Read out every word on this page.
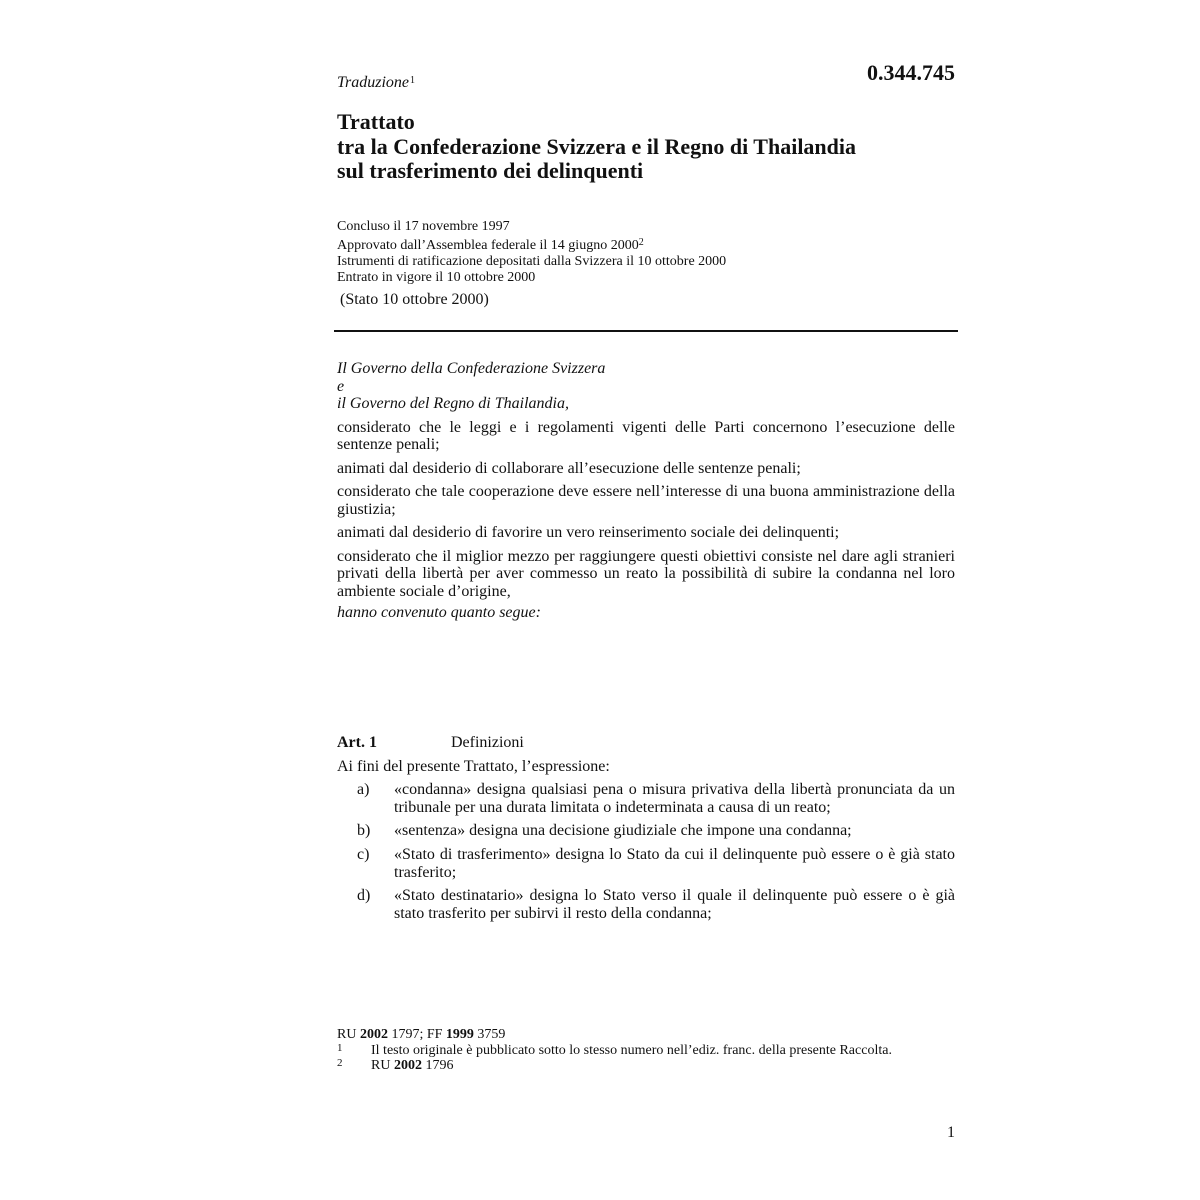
Traduzione$^1$	0.344.745
Trattato
tra la Confederazione Svizzera e il Regno di Thailandia
sul trasferimento dei delinquenti
Concluso il 17 novembre 1997
Approvato dall’Assemblea federale il 14 giugno 2000$^2$
Istrumenti di ratificazione depositati dalla Svizzera il 10 ottobre 2000
Entrato in vigore il 10 ottobre 2000
(Stato 10 ottobre 2000)
Il Governo della Confederazione Svizzera
e
il Governo del Regno di Thailandia,
considerato che le leggi e i regolamenti vigenti delle Parti concernono l’esecuzione delle sentenze penali;
animati dal desiderio di collaborare all’esecuzione delle sentenze penali;
considerato che tale cooperazione deve essere nell’interesse di una buona amministrazione della giustizia;
animati dal desiderio di favorire un vero reinserimento sociale dei delinquenti;
considerato che il miglior mezzo per raggiungere questi obiettivi consiste nel dare agli stranieri privati della libertà per aver commesso un reato la possibilità di subire la condanna nel loro ambiente sociale d’origine,
hanno convenuto quanto segue:
Art. 1	Definizioni
Ai fini del presente Trattato, l’espressione:
a)	«condanna» designa qualsiasi pena o misura privativa della libertà pronunciata da un tribunale per una durata limitata o indeterminata a causa di un reato;
b)	«sentenza» designa una decisione giudiziale che impone una condanna;
c)	«Stato di trasferimento» designa lo Stato da cui il delinquente può essere o è già stato trasferito;
d)	«Stato destinatario» designa lo Stato verso il quale il delinquente può essere o è già stato trasferito per subirvi il resto della condanna;
RU 2002 1797; FF 1999 3759
1	Il testo originale è pubblicato sotto lo stesso numero nell’ediz. franc. della presente Raccolta.
2	RU 2002 1796
1
